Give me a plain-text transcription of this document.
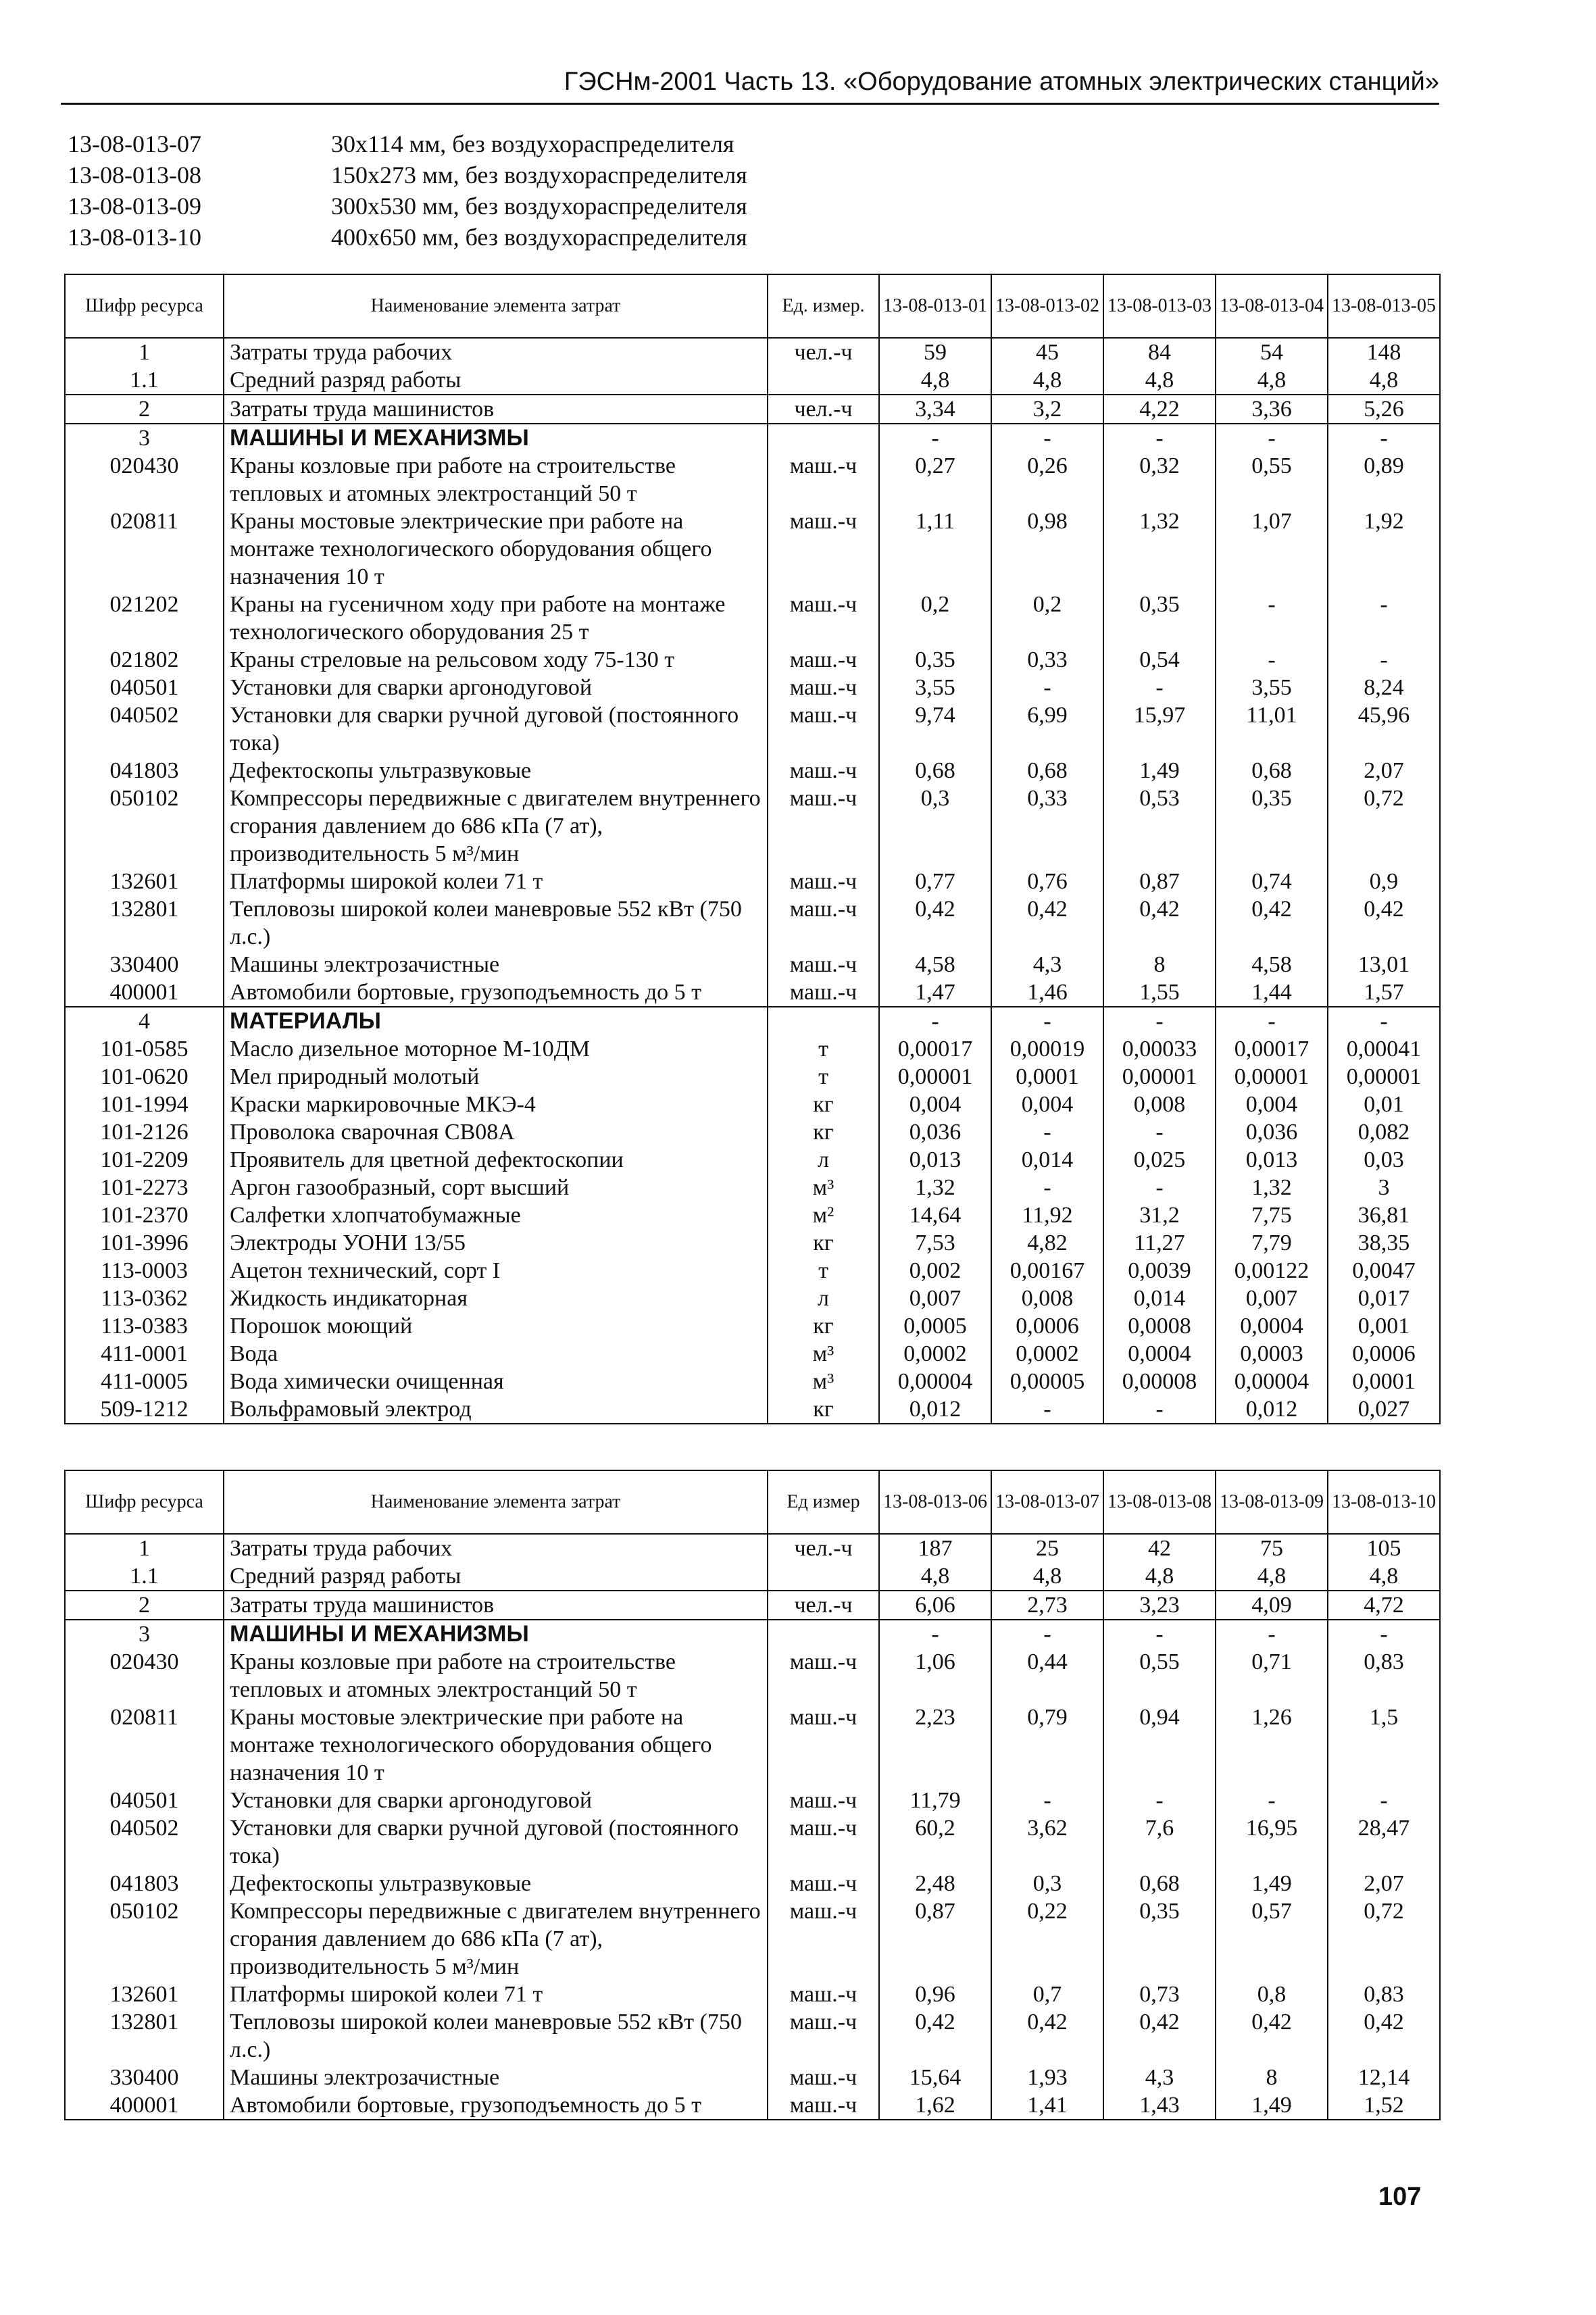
ГЭСНм-2001 Часть 13. «Оборудование атомных электрических станций»
13-08-013-07	30x114 мм, без воздухораспределителя
13-08-013-08	150x273 мм, без воздухораспределителя
13-08-013-09	300x530 мм, без воздухораспределителя
13-08-013-10	400x650 мм, без воздухораспределителя
Шифр ресурса	Наименование элемента затрат	Ед. измер.	13-08-013-01	13-08-013-02	13-08-013-03	13-08-013-04	13-08-013-05
1	Затраты труда рабочих	чел.-ч	59	45	84	54	148
1.1	Средний разряд работы		4,8	4,8	4,8	4,8	4,8
2	Затраты труда машинистов	чел.-ч	3,34	3,2	4,22	3,36	5,26
3	МАШИНЫ И МЕХАНИЗМЫ		-	-	-	-	-
020430	Краны козловые при работе на строительстве тепловых и атомных электростанций 50 т	маш.-ч	0,27	0,26	0,32	0,55	0,89
020811	Краны мостовые электрические при работе на монтаже технологического оборудования общего назначения 10 т	маш.-ч	1,11	0,98	1,32	1,07	1,92
021202	Краны на гусеничном ходу при работе на монтаже технологического оборудования 25 т	маш.-ч	0,2	0,2	0,35	-	-
021802	Краны стреловые на рельсовом ходу 75-130 т	маш.-ч	0,35	0,33	0,54	-	-
040501	Установки для сварки аргонодуговой	маш.-ч	3,55	-	-	3,55	8,24
040502	Установки для сварки ручной дуговой (постоянного тока)	маш.-ч	9,74	6,99	15,97	11,01	45,96
041803	Дефектоскопы ультразвуковые	маш.-ч	0,68	0,68	1,49	0,68	2,07
050102	Компрессоры передвижные с двигателем внутреннего сгорания давлением до 686 кПа (7 ат), производительность 5 м³/мин	маш.-ч	0,3	0,33	0,53	0,35	0,72
132601	Платформы широкой колеи 71 т	маш.-ч	0,77	0,76	0,87	0,74	0,9
132801	Тепловозы широкой колеи маневровые 552 кВт (750 л.с.)	маш.-ч	0,42	0,42	0,42	0,42	0,42
330400	Машины электрозачистные	маш.-ч	4,58	4,3	8	4,58	13,01
400001	Автомобили бортовые, грузоподъемность до 5 т	маш.-ч	1,47	1,46	1,55	1,44	1,57
4	МАТЕРИАЛЫ		-	-	-	-	-
101-0585	Масло дизельное моторное М-10ДМ	т	0,00017	0,00019	0,00033	0,00017	0,00041
101-0620	Мел природный молотый	т	0,00001	0,0001	0,00001	0,00001	0,00001
101-1994	Краски маркировочные МКЭ-4	кг	0,004	0,004	0,008	0,004	0,01
101-2126	Проволока сварочная СВ08А	кг	0,036	-	-	0,036	0,082
101-2209	Проявитель для цветной дефектоскопии	л	0,013	0,014	0,025	0,013	0,03
101-2273	Аргон газообразный, сорт высший	м³	1,32	-	-	1,32	3
101-2370	Салфетки хлопчатобумажные	м²	14,64	11,92	31,2	7,75	36,81
101-3996	Электроды УОНИ 13/55	кг	7,53	4,82	11,27	7,79	38,35
113-0003	Ацетон технический, сорт I	т	0,002	0,00167	0,0039	0,00122	0,0047
113-0362	Жидкость индикаторная	л	0,007	0,008	0,014	0,007	0,017
113-0383	Порошок моющий	кг	0,0005	0,0006	0,0008	0,0004	0,001
411-0001	Вода	м³	0,0002	0,0002	0,0004	0,0003	0,0006
411-0005	Вода химически очищенная	м³	0,00004	0,00005	0,00008	0,00004	0,0001
509-1212	Вольфрамовый электрод	кг	0,012	-	-	0,012	0,027
Шифр ресурса	Наименование элемента затрат	Ед измер	13-08-013-06	13-08-013-07	13-08-013-08	13-08-013-09	13-08-013-10
1	Затраты труда рабочих	чел.-ч	187	25	42	75	105
1.1	Средний разряд работы		4,8	4,8	4,8	4,8	4,8
2	Затраты труда машинистов	чел.-ч	6,06	2,73	3,23	4,09	4,72
3	МАШИНЫ И МЕХАНИЗМЫ		-	-	-	-	-
020430	Краны козловые при работе на строительстве тепловых и атомных электростанций 50 т	маш.-ч	1,06	0,44	0,55	0,71	0,83
020811	Краны мостовые электрические при работе на монтаже технологического оборудования общего назначения 10 т	маш.-ч	2,23	0,79	0,94	1,26	1,5
040501	Установки для сварки аргонодуговой	маш.-ч	11,79	-	-	-	-
040502	Установки для сварки ручной дуговой (постоянного тока)	маш.-ч	60,2	3,62	7,6	16,95	28,47
041803	Дефектоскопы ультразвуковые	маш.-ч	2,48	0,3	0,68	1,49	2,07
050102	Компрессоры передвижные с двигателем внутреннего сгорания давлением до 686 кПа (7 ат), производительность 5 м³/мин	маш.-ч	0,87	0,22	0,35	0,57	0,72
132601	Платформы широкой колеи 71 т	маш.-ч	0,96	0,7	0,73	0,8	0,83
132801	Тепловозы широкой колеи маневровые 552 кВт (750 л.с.)	маш.-ч	0,42	0,42	0,42	0,42	0,42
330400	Машины электрозачистные	маш.-ч	15,64	1,93	4,3	8	12,14
400001	Автомобили бортовые, грузоподъемность до 5 т	маш.-ч	1,62	1,41	1,43	1,49	1,52
107
